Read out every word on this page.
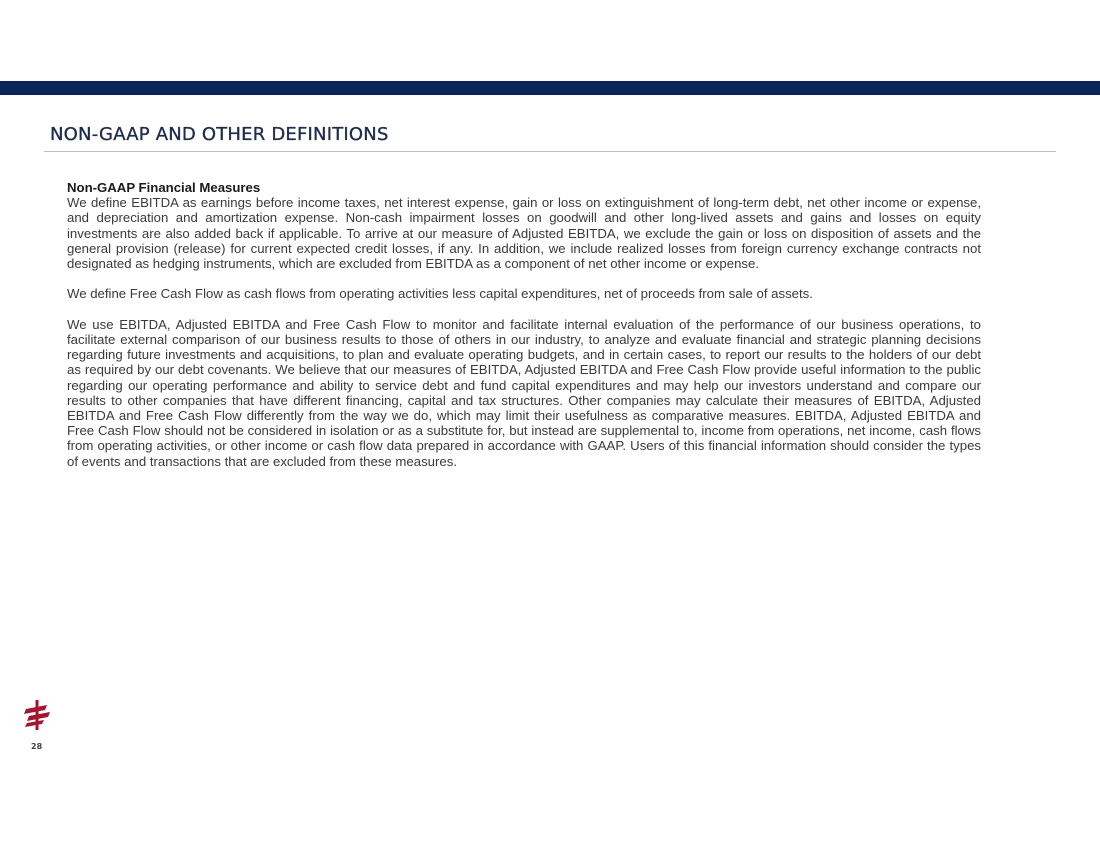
NON-GAAP AND OTHER DEFINITIONS
Non-GAAP Financial Measures

We define EBITDA as earnings before income taxes, net interest expense, gain or loss on extinguishment of long-term debt, net other income or expense, and depreciation and amortization expense. Non-cash impairment losses on goodwill and other long-lived assets and gains and losses on equity investments are also added back if applicable. To arrive at our measure of Adjusted EBITDA, we exclude the gain or loss on disposition of assets and the general provision (release) for current expected credit losses, if any. In addition, we include realized losses from foreign currency exchange contracts not designated as hedging instruments, which are excluded from EBITDA as a component of net other income or expense.

We define Free Cash Flow as cash flows from operating activities less capital expenditures, net of proceeds from sale of assets.

We use EBITDA, Adjusted EBITDA and Free Cash Flow to monitor and facilitate internal evaluation of the performance of our business operations, to facilitate external comparison of our business results to those of others in our industry, to analyze and evaluate financial and strategic planning decisions regarding future investments and acquisitions, to plan and evaluate operating budgets, and in certain cases, to report our results to the holders of our debt as required by our debt covenants. We believe that our measures of EBITDA, Adjusted EBITDA and Free Cash Flow provide useful information to the public regarding our operating performance and ability to service debt and fund capital expenditures and may help our investors understand and compare our results to other companies that have different financing, capital and tax structures. Other companies may calculate their measures of EBITDA, Adjusted EBITDA and Free Cash Flow differently from the way we do, which may limit their usefulness as comparative measures. EBITDA, Adjusted EBITDA and Free Cash Flow should not be considered in isolation or as a substitute for, but instead are supplemental to, income from operations, net income, cash flows from operating activities, or other income or cash flow data prepared in accordance with GAAP. Users of this financial information should consider the types of events and transactions that are excluded from these measures.

28
